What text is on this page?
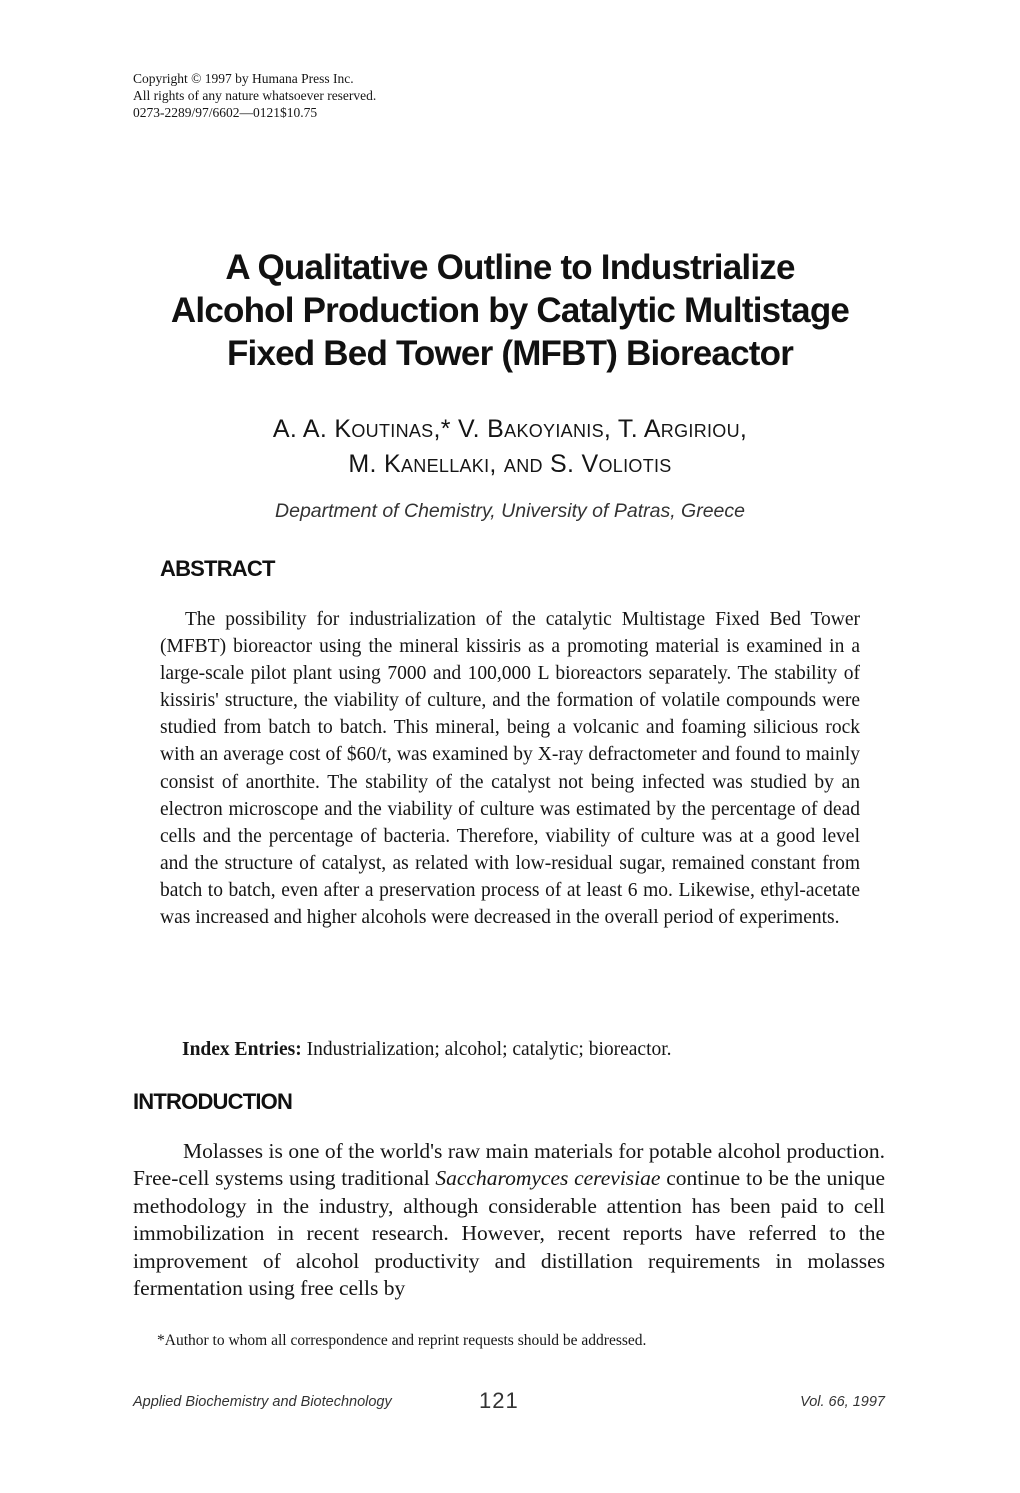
Copyright © 1997 by Humana Press Inc.
All rights of any nature whatsoever reserved.
0273-2289/97/6602—0121$10.75
A Qualitative Outline to Industrialize
Alcohol Production by Catalytic Multistage
Fixed Bed Tower (MFBT) Bioreactor
A. A. Koutinas,* V. Bakoyianis, T. Argiriou,
M. Kanellaki, and S. Voliotis
Department of Chemistry, University of Patras, Greece
ABSTRACT
The possibility for industrialization of the catalytic Multistage Fixed Bed Tower (MFBT) bioreactor using the mineral kissiris as a promoting material is examined in a large-scale pilot plant using 7000 and 100,000 L bioreactors separately. The stability of kissiris' structure, the viability of culture, and the formation of volatile compounds were studied from batch to batch. This mineral, being a volcanic and foaming silicious rock with an average cost of $60/t, was examined by X-ray defractometer and found to mainly consist of anorthite. The stability of the catalyst not being infected was studied by an electron microscope and the viability of culture was estimated by the percentage of dead cells and the percentage of bacteria. Therefore, viability of culture was at a good level and the structure of catalyst, as related with low-residual sugar, remained constant from batch to batch, even after a preservation process of at least 6 mo. Likewise, ethyl-acetate was increased and higher alcohols were decreased in the overall period of experiments.
Index Entries: Industrialization; alcohol; catalytic; bioreactor.
INTRODUCTION
Molasses is one of the world's raw main materials for potable alcohol production. Free-cell systems using traditional Saccharomyces cerevisiae continue to be the unique methodology in the industry, although considerable attention has been paid to cell immobilization in recent research. However, recent reports have referred to the improvement of alcohol productivity and distillation requirements in molasses fermentation using free cells by
*Author to whom all correspondence and reprint requests should be addressed.
Applied Biochemistry and Biotechnology	121	Vol. 66, 1997
